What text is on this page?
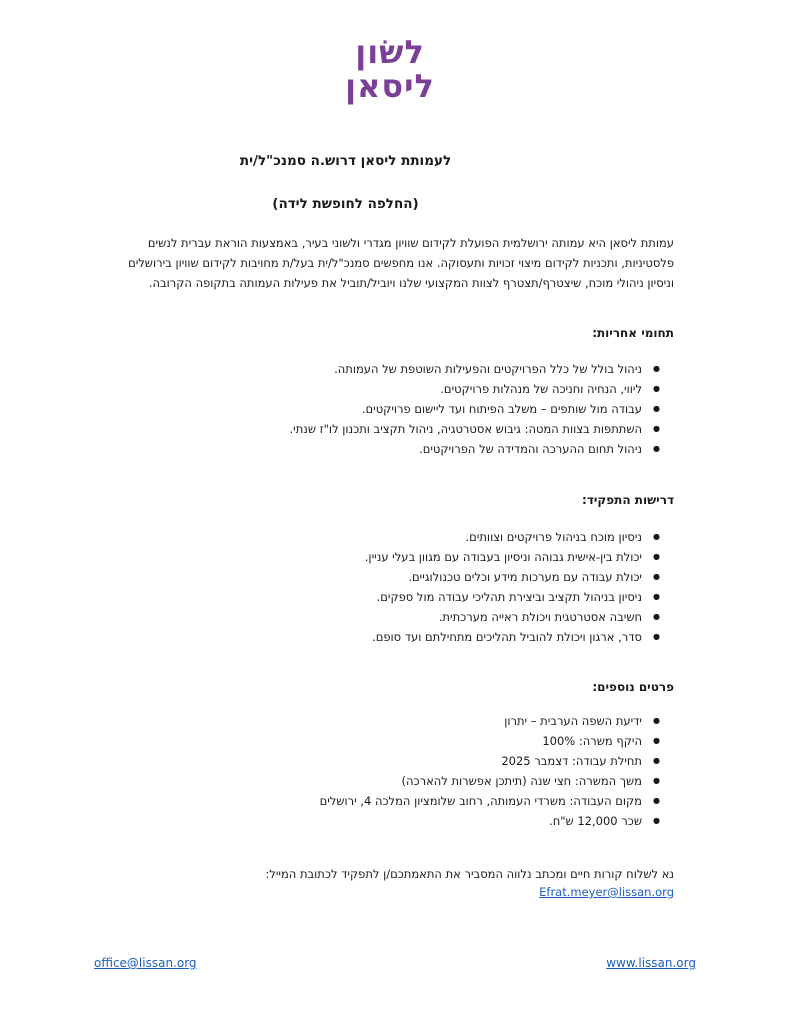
לשׂון
ליסאן
לעמותת ליסאן דרוש.ה סמנכ"ל/ית
(החלפה לחופשת לידה)
עמותת ליסאן היא עמותה ירושלמית הפועלת לקידום שוויון מגדרי ולשוני בעיר, באמצעות הוראת עברית לנשים פלסטיניות, ותכניות לקידום מיצוי זכויות ותעסוקה. אנו מחפשים סמנכ"ל/ית בעל/ת מחויבות לקידום שוויון בירושלים וניסיון ניהולי מוכח, שיצטרף/תצטרף לצוות המקצועי שלנו ויוביל/תוביל את פעילות העמותה בתקופה הקרובה.
תחומי אחריות:
● ניהול בולל של כלל הפרויקטים והפעילות השוטפת של העמותה.
● ליווי, הנחיה וחניכה של מנהלות פרויקטים.
● עבודה מול שותפים – משלב הפיתוח ועד ליישום פרויקטים.
● השתתפות בצוות המטה: גיבוש אסטרטגיה, ניהול תקציב ותכנון לו"ז שנתי.
● ניהול תחום ההערכה והמדידה של הפרויקטים.
דרישות התפקיד:
● ניסיון מוכח בניהול פרויקטים וצוותים.
● יכולת בין-אישית גבוהה וניסיון בעבודה עם מגוון בעלי עניין.
● יכולת עבודה עם מערכות מידע וכלים טכנולוגיים.
● ניסיון בניהול תקציב וביצירת תהליכי עבודה מול ספקים.
● חשיבה אסטרטגית ויכולת ראייה מערכתית.
● סדר, ארגון ויכולת להוביל תהליכים מתחילתם ועד סופם.
פרטים נוספים:
● ידיעת השפה הערבית – יתרון
● היקף משרה: 100%
● תחילת עבודה: דצמבר 2025
● משך המשרה: חצי שנה (תיתכן אפשרות להארכה)
● מקום העבודה: משרדי העמותה, רחוב שלומציון המלכה 4, ירושלים
● שכר 12,000 ש"ח.
נא לשלוח קורות חיים ומכתב נלווה המסביר את התאמתכם/ן לתפקיד לכתובת המייל:
Efrat.meyer@lissan.org
office@lissan.org	www.lissan.org
